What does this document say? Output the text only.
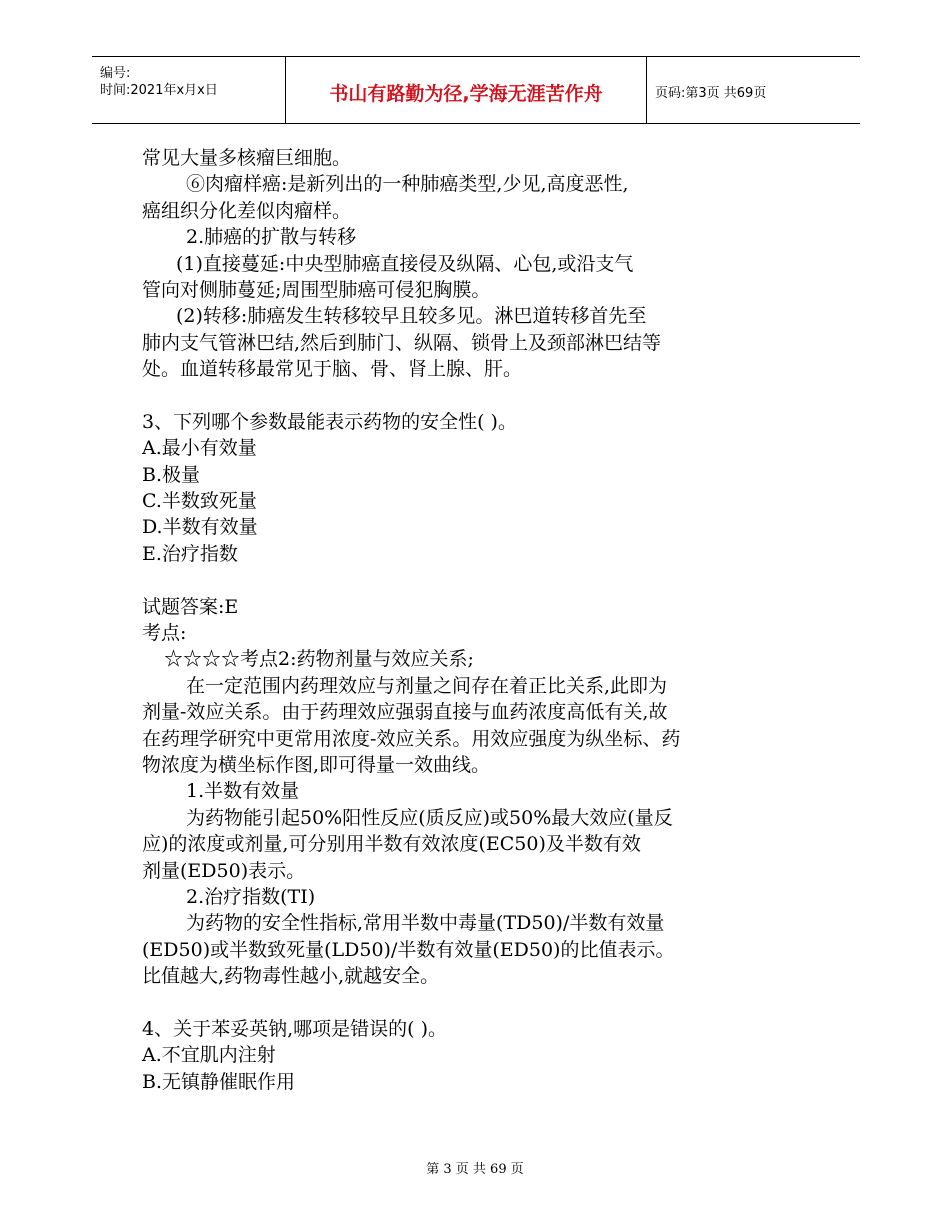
编号:
时间:2021年x月x日	书山有路勤为径,学海无涯苦作舟	页码:第3页 共69页
常见大量多核瘤巨细胞。
⑥肉瘤样癌:是新列出的一种肺癌类型,少见,高度恶性,
癌组织分化差似肉瘤样。
2.肺癌的扩散与转移
(1)直接蔓延:中央型肺癌直接侵及纵隔、心包,或沿支气
管向对侧肺蔓延;周围型肺癌可侵犯胸膜。
(2)转移:肺癌发生转移较早且较多见。淋巴道转移首先至
肺内支气管淋巴结,然后到肺门、纵隔、锁骨上及颈部淋巴结等
处。血道转移最常见于脑、骨、肾上腺、肝。
3、下列哪个参数最能表示药物的安全性( )。
A.最小有效量
B.极量
C.半数致死量
D.半数有效量
E.治疗指数
试题答案:E
考点:
☆☆☆☆考点2:药物剂量与效应关系;
在一定范围内药理效应与剂量之间存在着正比关系,此即为
剂量-效应关系。由于药理效应强弱直接与血药浓度高低有关,故
在药理学研究中更常用浓度-效应关系。用效应强度为纵坐标、药
物浓度为横坐标作图,即可得量一效曲线。
1.半数有效量
为药物能引起50%阳性反应(质反应)或50%最大效应(量反
应)的浓度或剂量,可分别用半数有效浓度(EC50)及半数有效
剂量(ED50)表示。
2.治疗指数(TI)
为药物的安全性指标,常用半数中毒量(TD50)/半数有效量
(ED50)或半数致死量(LD50)/半数有效量(ED50)的比值表示。
比值越大,药物毒性越小,就越安全。
4、关于苯妥英钠,哪项是错误的( )。
A.不宜肌内注射
B.无镇静催眠作用
第 3 页 共 69 页
